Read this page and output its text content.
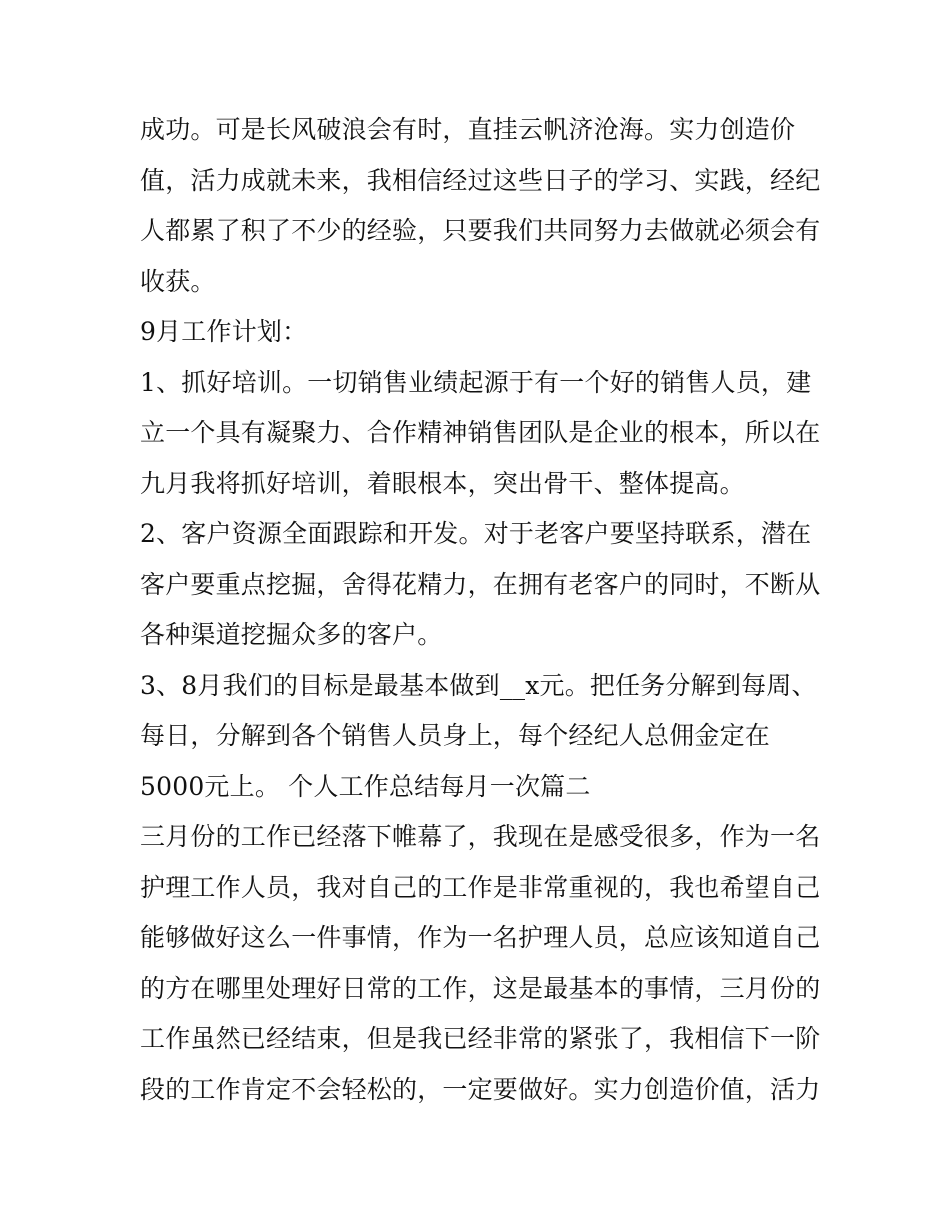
成功。可是长风破浪会有时，直挂云帆济沧海。实力创造价
值，活力成就未来，我相信经过这些日子的学习、实践，经纪
人都累了积了不少的经验，只要我们共同努力去做就必须会有
收获。
9月工作计划：
1、抓好培训。一切销售业绩起源于有一个好的销售人员，建
立一个具有凝聚力、合作精神销售团队是企业的根本，所以在
九月我将抓好培训，着眼根本，突出骨干、整体提高。
2、客户资源全面跟踪和开发。对于老客户要坚持联系，潜在
客户要重点挖掘，舍得花精力，在拥有老客户的同时，不断从
各种渠道挖掘众多的客户。
3、8月我们的目标是最基本做到__x元。把任务分解到每周、
每日，分解到各个销售人员身上，每个经纪人总佣金定在
5000元上。 个人工作总结每月一次篇二
三月份的工作已经落下帷幕了，我现在是感受很多，作为一名
护理工作人员，我对自己的工作是非常重视的，我也希望自己
能够做好这么一件事情，作为一名护理人员，总应该知道自己
的方在哪里处理好日常的工作，这是最基本的事情，三月份的
工作虽然已经结束，但是我已经非常的紧张了，我相信下一阶
段的工作肯定不会轻松的，一定要做好。实力创造价值，活力
